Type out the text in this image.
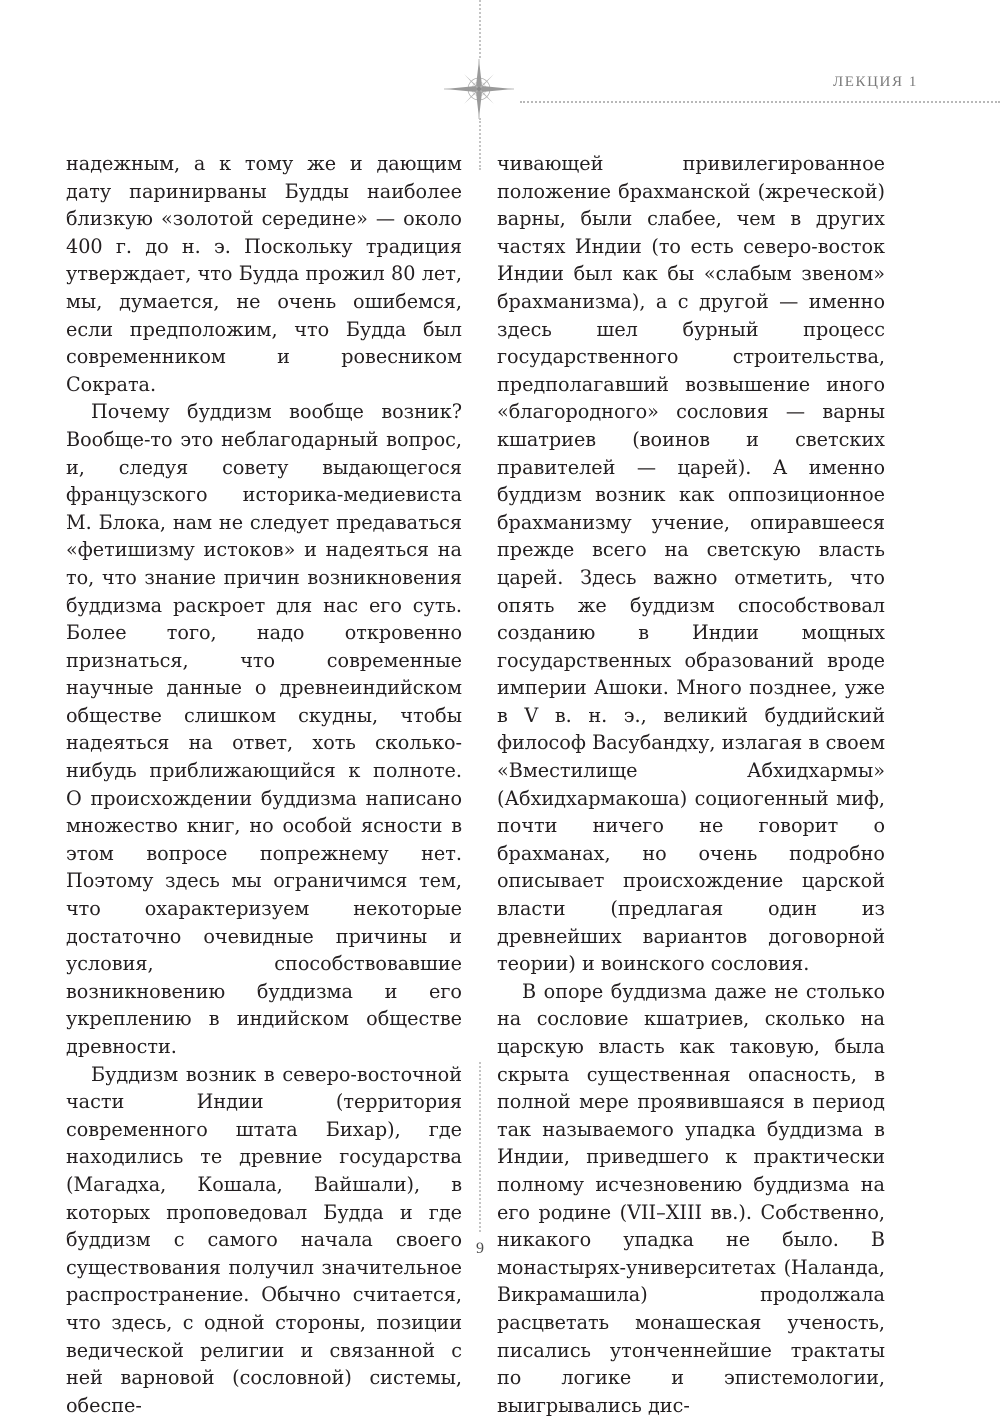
ЛЕКЦИЯ 1

надежным, а к тому же и дающим дату паринирваны Будды наиболее близкую «золотой середине» — около 400 г. до н. э. Поскольку традиция утверждает, что Будда прожил 80 лет, мы, думается, не очень ошибемся, если предположим, что Будда был современником и ровесником Сократа.

Почему буддизм вообще возник? Вообще-то это неблагодарный вопрос, и, следуя совету выдающегося французского историка-медиевиста М. Блока, нам не следует предаваться «фетишизму истоков» и надеяться на то, что знание причин возникновения буддизма раскроет для нас его суть. Более того, надо откровенно признаться, что современные научные данные о древнеиндийском обществе слишком скудны, чтобы надеяться на ответ, хоть сколько-нибудь приближающийся к полноте. О происхождении буддизма написано множество книг, но особой ясности в этом вопросе попрежнему нет. Поэтому здесь мы ограничимся тем, что охарактеризуем некоторые достаточно очевидные причины и условия, способствовавшие возникновению буддизма и его укреплению в индийском обществе древности.

Буддизм возник в северо-восточной части Индии (территория современного штата Бихар), где находились те древние государства (Магадха, Кошала, Вайшали), в которых проповедовал Будда и где буддизм с самого начала своего существования получил значительное распространение. Обычно считается, что здесь, с одной стороны, позиции ведической религии и связанной с ней варновой (сословной) системы, обеспе-

чивающей привилегированное положение брахманской (жреческой) варны, были слабее, чем в других частях Индии (то есть северо-восток Индии был как бы «слабым звеном» брахманизма), а с другой — именно здесь шел бурный процесс государственного строительства, предполагавший возвышение иного «благородного» сословия — варны кшатриев (воинов и светских правителей — царей). А именно буддизм возник как оппозиционное брахманизму учение, опиравшееся прежде всего на светскую власть царей. Здесь важно отметить, что опять же буддизм способствовал созданию в Индии мощных государственных образований вроде империи Ашоки. Много позднее, уже в V в. н. э., великий буддийский философ Васубандху, излагая в своем «Вместилище Абхидхармы» (Абхидхармакоша) социогенный миф, почти ничего не говорит о брахманах, но очень подробно описывает происхождение царской власти (предлагая один из древнейших вариантов договорной теории) и воинского сословия.

В опоре буддизма даже не столько на сословие кшатриев, сколько на царскую власть как таковую, была скрыта существенная опасность, в полной мере проявившаяся в период так называемого упадка буддизма в Индии, приведшего к практически полному исчезновению буддизма на его родине (VII–XIII вв.). Собственно, никакого упадка не было. В монастырях-университетах (Наланда, Викрамашила) продолжала расцветать монашеская ученость, писались утонченнейшие трактаты по логике и эпистемологии, выигрывались дис-

9
